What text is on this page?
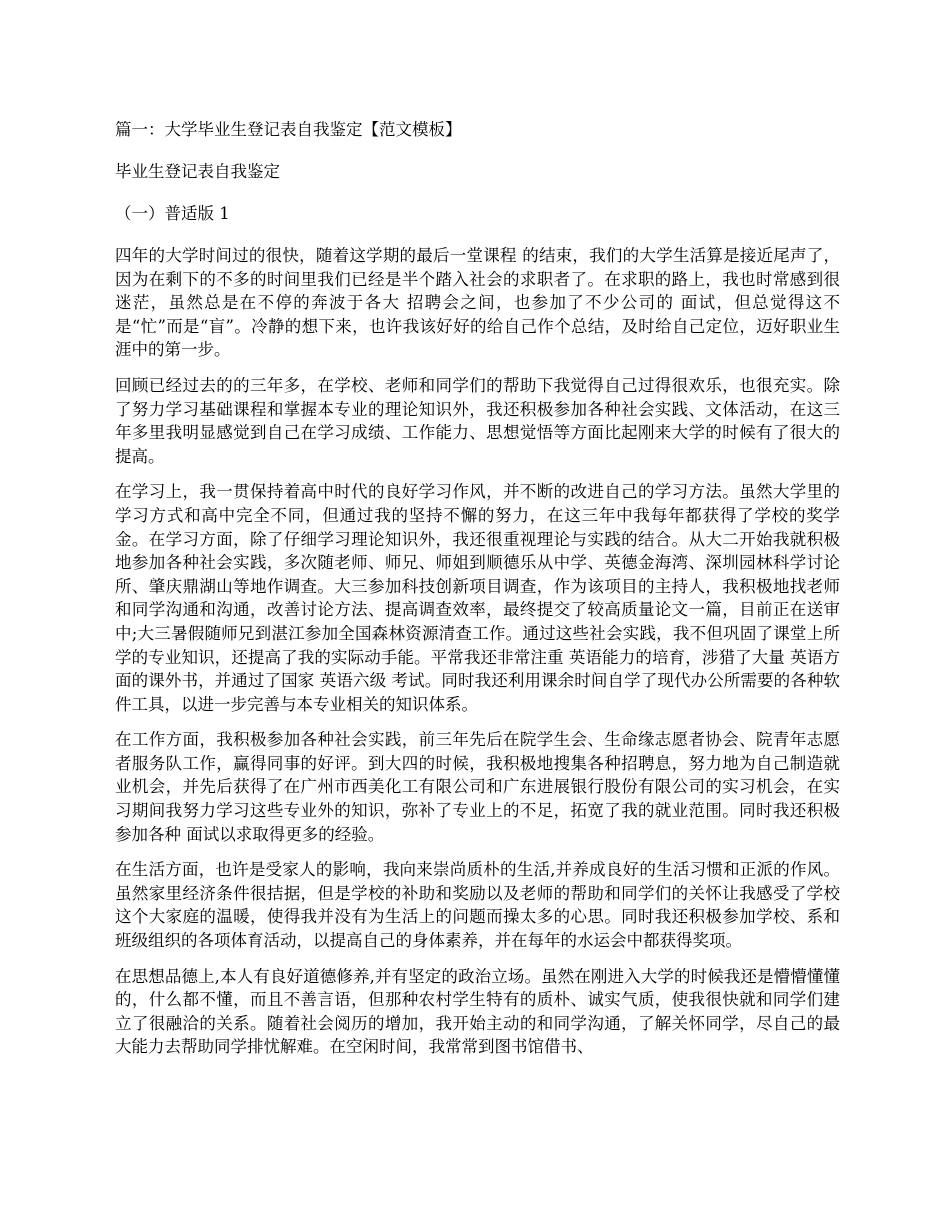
篇一：大学毕业生登记表自我鉴定【范文模板】
毕业生登记表自我鉴定
（一）普适版 1

四年的大学时间过的很快，随着这学期的最后一堂课程 的结束，我们的大学生活算是接近尾声了，因为在剩下的不多的时间里我们已经是半个踏入社会的求职者了。在求职的路上，我也时常感到很迷茫，虽然总是在不停的奔波于各大 招聘会之间，也参加了不少公司的 面试，但总觉得这不是“忙”而是“盲”。冷静的想下来，也许我该好好的给自己作个总结，及时给自己定位，迈好职业生涯中的第一步。

回顾已经过去的的三年多，在学校、老师和同学们的帮助下我觉得自己过得很欢乐，也很充实。除了努力学习基础课程和掌握本专业的理论知识外，我还积极参加各种社会实践、文体活动，在这三年多里我明显感觉到自己在学习成绩、工作能力、思想觉悟等方面比起刚来大学的时候有了很大的提高。

在学习上，我一贯保持着高中时代的良好学习作风，并不断的改进自己的学习方法。虽然大学里的学习方式和高中完全不同，但通过我的坚持不懈的努力，在这三年中我每年都获得了学校的奖学金。在学习方面，除了仔细学习理论知识外，我还很重视理论与实践的结合。从大二开始我就积极地参加各种社会实践，多次随老师、师兄、师姐到顺德乐从中学、英德金海湾、深圳园林科学讨论所、肇庆鼎湖山等地作调查。大三参加科技创新项目调查，作为该项目的主持人，我积极地找老师和同学沟通和沟通，改善讨论方法、提高调查效率，最终提交了较高质量论文一篇，目前正在送审中;大三暑假随师兄到湛江参加全国森林资源清查工作。通过这些社会实践，我不但巩固了课堂上所学的专业知识，还提高了我的实际动手能。平常我还非常注重 英语能力的培育，涉猎了大量 英语方面的课外书，并通过了国家 英语六级 考试。同时我还利用课余时间自学了现代办公所需要的各种软件工具，以进一步完善与本专业相关的知识体系。

在工作方面，我积极参加各种社会实践，前三年先后在院学生会、生命缘志愿者协会、院青年志愿者服务队工作，赢得同事的好评。到大四的时候，我积极地搜集各种招聘息，努力地为自己制造就业机会，并先后获得了在广州市西美化工有限公司和广东进展银行股份有限公司的实习机会，在实习期间我努力学习这些专业外的知识，弥补了专业上的不足，拓宽了我的就业范围。同时我还积极参加各种 面试以求取得更多的经验。

在生活方面，也许是受家人的影响，我向来崇尚质朴的生活,并养成良好的生活习惯和正派的作风。虽然家里经济条件很拮据，但是学校的补助和奖励以及老师的帮助和同学们的关怀让我感受了学校这个大家庭的温暖，使得我并没有为生活上的问题而操太多的心思。同时我还积极参加学校、系和班级组织的各项体育活动，以提高自己的身体素养，并在每年的水运会中都获得奖项。

在思想品德上,本人有良好道德修养,并有坚定的政治立场。虽然在刚进入大学的时候我还是懵懵懂懂的，什么都不懂，而且不善言语，但那种农村学生特有的质朴、诚实气质，使我很快就和同学们建立了很融洽的关系。随着社会阅历的增加，我开始主动的和同学沟通，了解关怀同学，尽自己的最大能力去帮助同学排忧解难。在空闲时间，我常常到图书馆借书、
